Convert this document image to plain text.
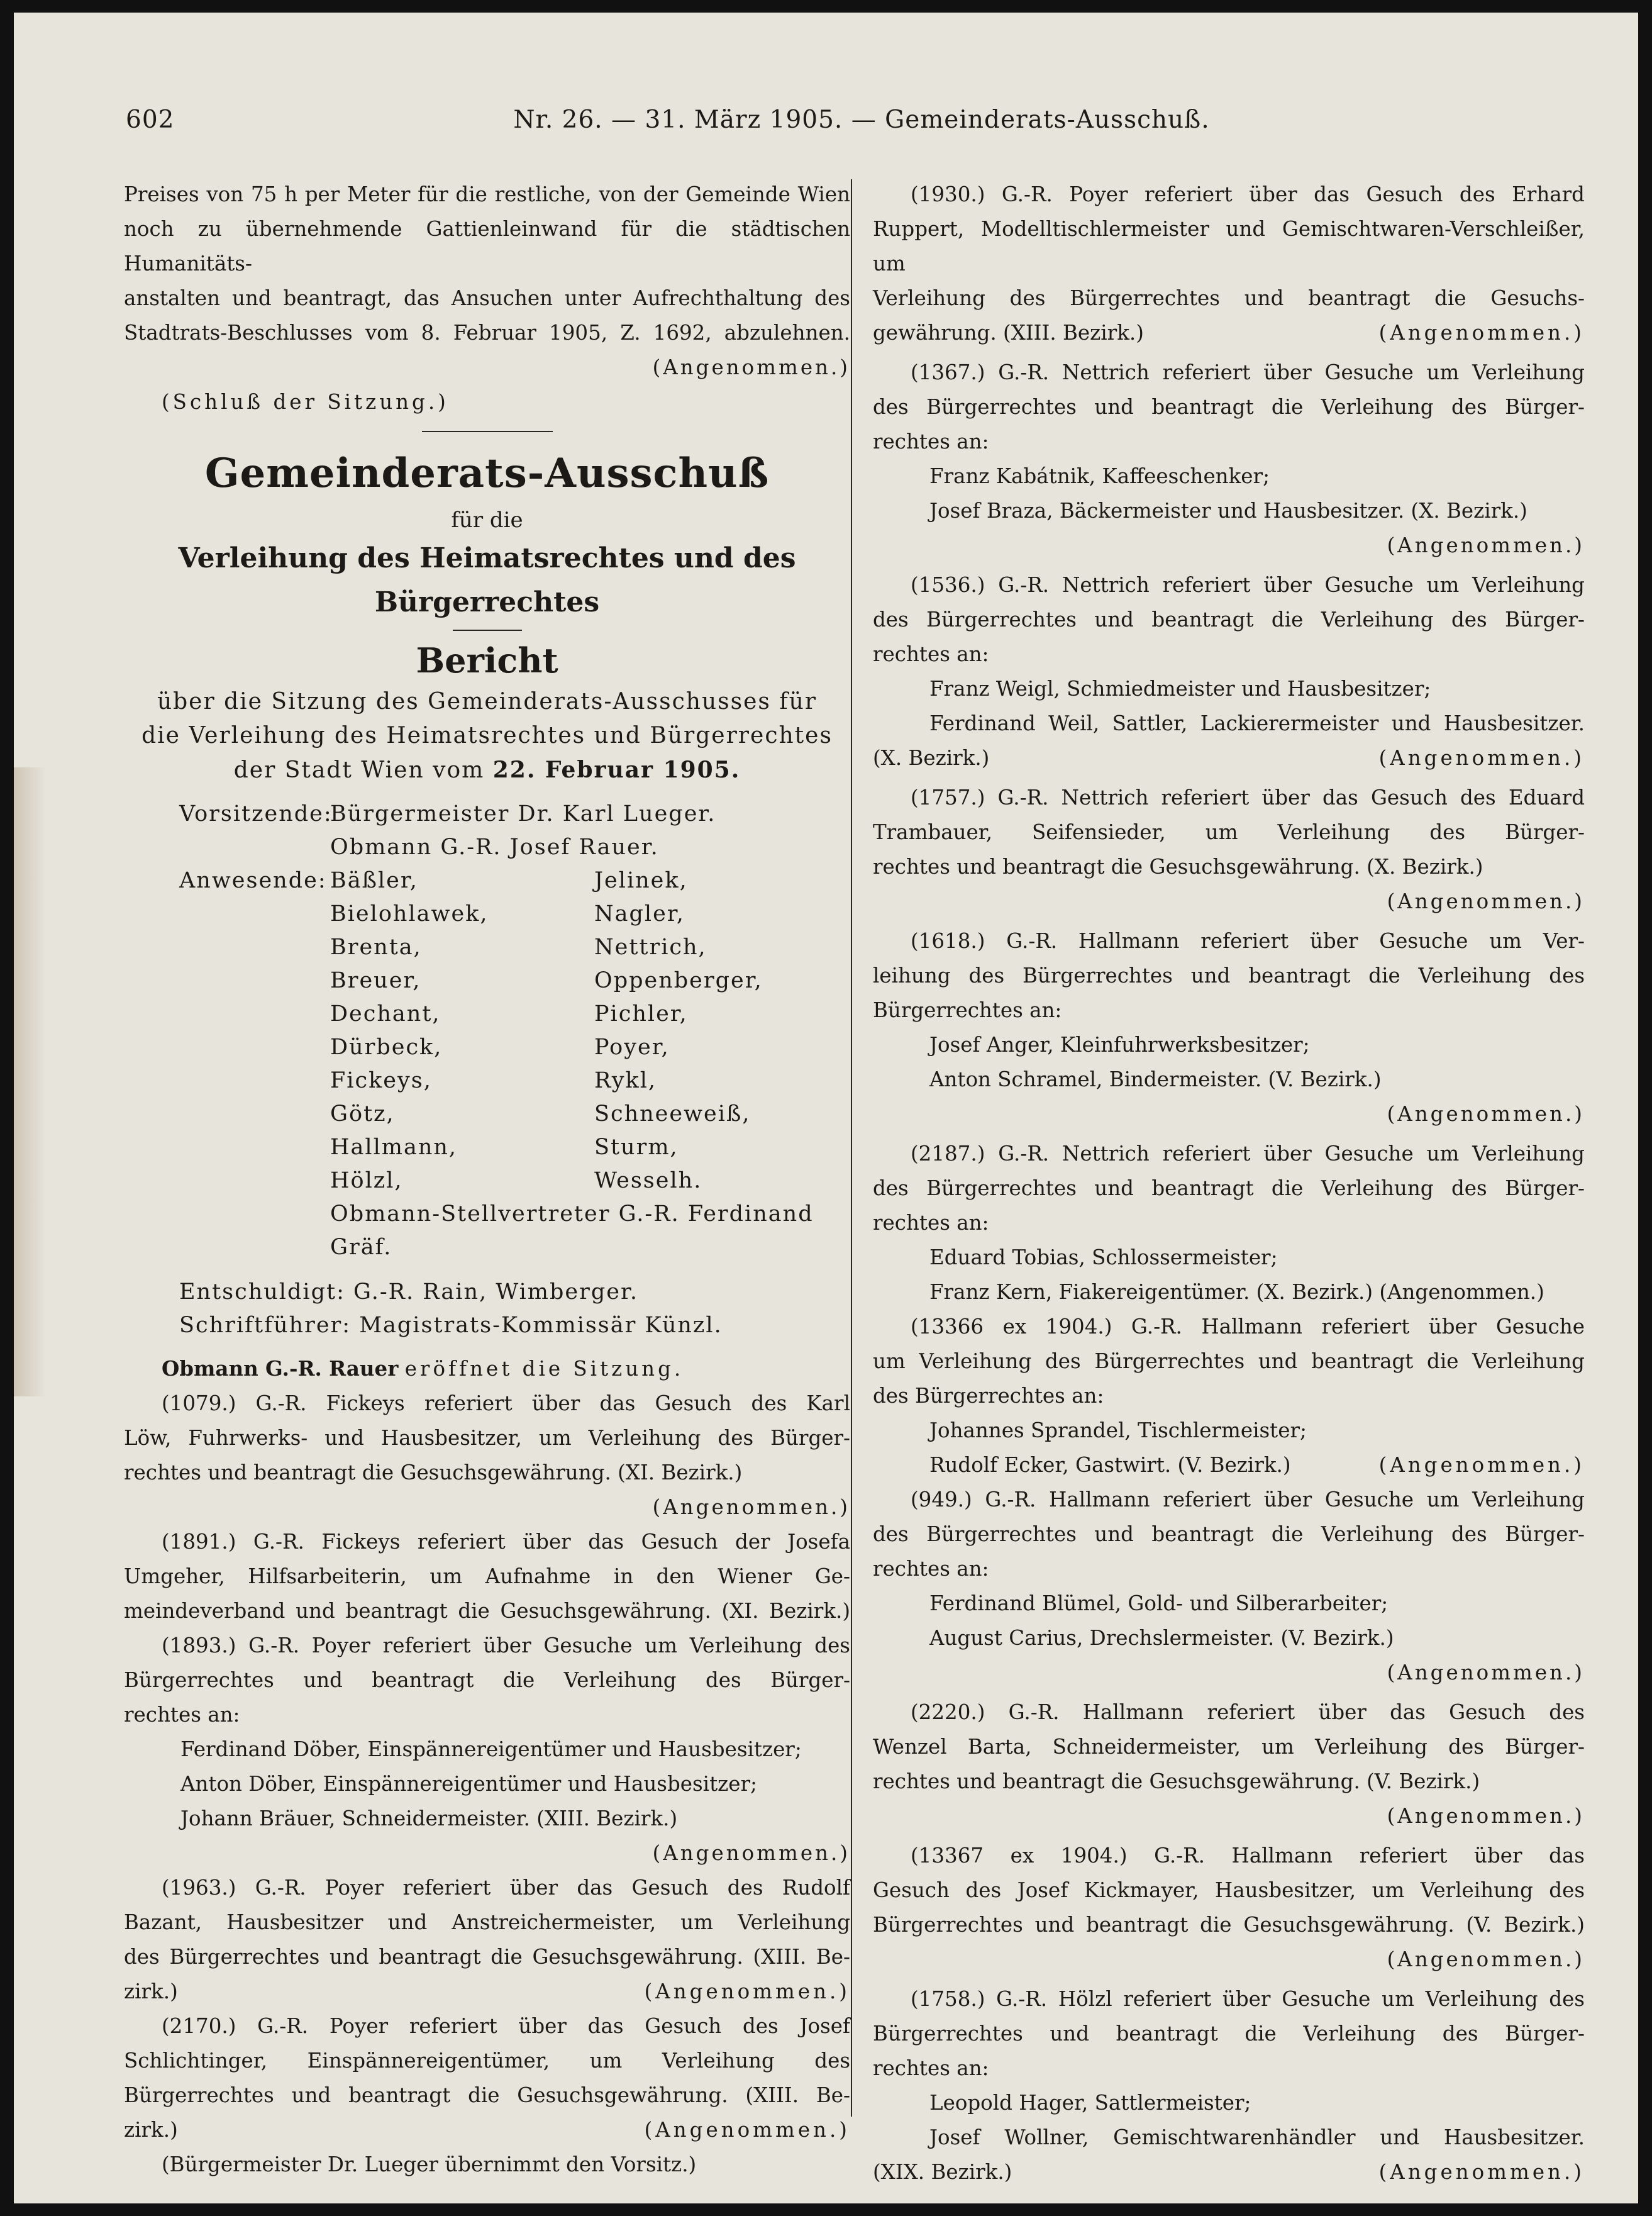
602	Nr. 26. — 31. März 1905. — Gemeinderats-Ausschuß.
Preises von 75 h per Meter für die restliche, von der Gemeinde Wien
noch zu übernehmende Gattienleinwand für die städtischen Humanitäts-
anstalten und beantragt, das Ansuchen unter Aufrechthaltung des
Stadtrats-Beschlusses vom 8. Februar 1905, Z. 1692, abzulehnen.
(Angenommen.)
(Schluß der Sitzung.)
Gemeinderats-Ausschuß
für die
Verleihung des Heimatsrechtes und des Bürgerrechtes
Bericht
über die Sitzung des Gemeinderats-Ausschusses für
die Verleihung des Heimatsrechtes und Bürgerrechtes
der Stadt Wien vom 22. Februar 1905.
Vorsitzende:
Bürgermeister Dr. Karl Lueger.
Obmann G.-R. Josef Rauer.
Anwesende: Bäßler,	Jelinek,
Bielohlawek,	Nagler,
Brenta,	Nettrich,
Breuer,	Oppenberger,
Dechant,	Pichler,
Dürbeck,	Poyer,
Fickeys,	Rykl,
Götz,	Schneeweiß,
Hallmann,	Sturm,
Hölzl,	Wesselh.
Obmann-Stellvertreter G.-R. Ferdinand Gräf.
Entschuldigt: G.-R. Rain, Wimberger.
Schriftführer: Magistrats-Kommissär Künzl.
Obmann G.-R. Rauer eröffnet die Sitzung.
(1079.) G.-R. Fickeys referiert über das Gesuch des Karl
Löw, Fuhrwerks- und Hausbesitzer, um Verleihung des Bürger-
rechtes und beantragt die Gesuchsgewährung. (XI. Bezirk.)
(Angenommen.)
(1891.) G.-R. Fickeys referiert über das Gesuch der Josefa
Umgeher, Hilfsarbeiterin, um Aufnahme in den Wiener Ge-
meindeverband und beantragt die Gesuchsgewährung. (XI. Bezirk.)
(1893.) G.-R. Poyer referiert über Gesuche um Verleihung des
Bürgerrechtes und beantragt die Verleihung des Bürger-
rechtes an:
Ferdinand Döber, Einspännereigentümer und Hausbesitzer;
Anton Döber, Einspännereigentümer und Hausbesitzer;
Johann Bräuer, Schneidermeister. (XIII. Bezirk.)
(Angenommen.)
(1963.) G.-R. Poyer referiert über das Gesuch des Rudolf
Bazant, Hausbesitzer und Anstreichermeister, um Verleihung
des Bürgerrechtes und beantragt die Gesuchsgewährung. (XIII. Be-
zirk.)	(Angenommen.)
(2170.) G.-R. Poyer referiert über das Gesuch des Josef
Schlichtinger, Einspännereigentümer, um Verleihung des
Bürgerrechtes und beantragt die Gesuchsgewährung. (XIII. Be-
zirk.)	(Angenommen.)
(Bürgermeister Dr. Lueger übernimmt den Vorsitz.)
(1930.) G.-R. Poyer referiert über das Gesuch des Erhard
Ruppert, Modelltischlermeister und Gemischtwaren-Verschleißer, um
Verleihung des Bürgerrechtes und beantragt die Gesuchs-
gewährung. (XIII. Bezirk.)	(Angenommen.)
(1367.) G.-R. Nettrich referiert über Gesuche um Verleihung
des Bürgerrechtes und beantragt die Verleihung des Bürger-
rechtes an:
Franz Kabátnik, Kaffeeschenker;
Josef Braza, Bäckermeister und Hausbesitzer. (X. Bezirk.)
(Angenommen.)
(1536.) G.-R. Nettrich referiert über Gesuche um Verleihung
des Bürgerrechtes und beantragt die Verleihung des Bürger-
rechtes an:
Franz Weigl, Schmiedmeister und Hausbesitzer;
Ferdinand Weil, Sattler, Lackierermeister und Hausbesitzer.
(X. Bezirk.)	(Angenommen.)
(1757.) G.-R. Nettrich referiert über das Gesuch des Eduard
Trambauer, Seifensieder, um Verleihung des Bürger-
rechtes und beantragt die Gesuchsgewährung. (X. Bezirk.)
(Angenommen.)
(1618.) G.-R. Hallmann referiert über Gesuche um Ver-
leihung des Bürgerrechtes und beantragt die Verleihung des
Bürgerrechtes an:
Josef Anger, Kleinfuhrwerksbesitzer;
Anton Schramel, Bindermeister. (V. Bezirk.)
(Angenommen.)
(2187.) G.-R. Nettrich referiert über Gesuche um Verleihung
des Bürgerrechtes und beantragt die Verleihung des Bürger-
rechtes an:
Eduard Tobias, Schlossermeister;
Franz Kern, Fiakereigentümer. (X. Bezirk.) (Angenommen.)
(13366 ex 1904.) G.-R. Hallmann referiert über Gesuche
um Verleihung des Bürgerrechtes und beantragt die Verleihung
des Bürgerrechtes an:
Johannes Sprandel, Tischlermeister;
Rudolf Ecker, Gastwirt. (V. Bezirk.)	(Angenommen.)
(949.) G.-R. Hallmann referiert über Gesuche um Verleihung
des Bürgerrechtes und beantragt die Verleihung des Bürger-
rechtes an:
Ferdinand Blümel, Gold- und Silberarbeiter;
August Carius, Drechslermeister. (V. Bezirk.)
(Angenommen.)
(2220.) G.-R. Hallmann referiert über das Gesuch des
Wenzel Barta, Schneidermeister, um Verleihung des Bürger-
rechtes und beantragt die Gesuchsgewährung. (V. Bezirk.)
(Angenommen.)
(13367 ex 1904.) G.-R. Hallmann referiert über das
Gesuch des Josef Kickmayer, Hausbesitzer, um Verleihung des
Bürgerrechtes und beantragt die Gesuchsgewährung. (V. Bezirk.)
(Angenommen.)
(1758.) G.-R. Hölzl referiert über Gesuche um Verleihung des
Bürgerrechtes und beantragt die Verleihung des Bürger-
rechtes an:
Leopold Hager, Sattlermeister;
Josef Wollner, Gemischtwarenhändler und Hausbesitzer.
(XIX. Bezirk.)	(Angenommen.)
